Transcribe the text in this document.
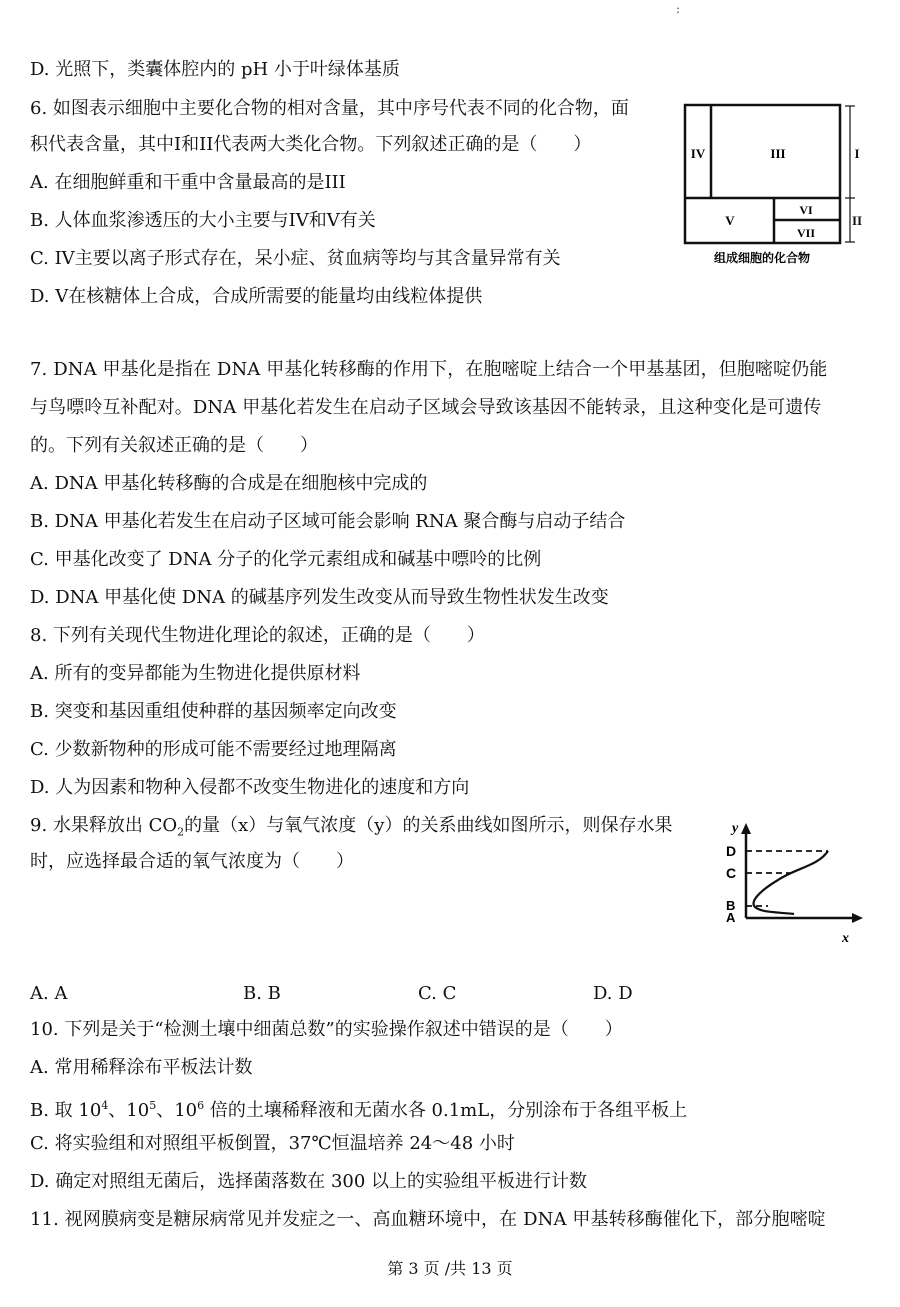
:
D. 光照下，类囊体腔内的 pH 小于叶绿体基质
6. 如图表示细胞中主要化合物的相对含量，其中序号代表不同的化合物，面
积代表含量，其中I和II代表两大类化合物。下列叙述正确的是（　　）
A. 在细胞鲜重和干重中含量最高的是III
B. 人体血浆渗透压的大小主要与IV和V有关
C. IV主要以离子形式存在，呆小症、贫血病等均与其含量异常有关
D. V在核糖体上合成，合成所需要的能量均由线粒体提供
IV	III
V
VI
VII
I
II
组成细胞的化合物
7. DNA 甲基化是指在 DNA 甲基化转移酶的作用下，在胞嘧啶上结合一个甲基基团，但胞嘧啶仍能
与鸟嘌呤互补配对。DNA 甲基化若发生在启动子区域会导致该基因不能转录，且这种变化是可遗传
的。下列有关叙述正确的是（　　）
A. DNA 甲基化转移酶的合成是在细胞核中完成的
B. DNA 甲基化若发生在启动子区域可能会影响 RNA 聚合酶与启动子结合
C. 甲基化改变了 DNA 分子的化学元素组成和碱基中嘌呤的比例
D. DNA 甲基化使 DNA 的碱基序列发生改变从而导致生物性状发生改变
8. 下列有关现代生物进化理论的叙述，正确的是（　　）
A. 所有的变异都能为生物进化提供原材料
B. 突变和基因重组使种群的基因频率定向改变
C. 少数新物种的形成可能不需要经过地理隔离
D. 人为因素和物种入侵都不改变生物进化的速度和方向
9. 水果释放出 $CO_2$的量（x）与氧气浓度（y）的关系曲线如图所示，则保存水果
时，应选择最合适的氧气浓度为（　　）
y
x
D
C
B
A
A. A	B. B	C. C	D. D
10. 下列是关于“检测土壤中细菌总数”的实验操作叙述中错误的是（　　）
A. 常用稀释涂布平板法计数
B. 取 $10^4$、$10^5$、$10^6$ 倍的土壤稀释液和无菌水各 0.1mL，分别涂布于各组平板上
C. 将实验组和对照组平板倒置，37℃恒温培养 24～48 小时
D. 确定对照组无菌后，选择菌落数在 300 以上的实验组平板进行计数
11. 视网膜病变是糖尿病常见并发症之一、高血糖环境中，在 DNA 甲基转移酶催化下，部分胞嘧啶
第 3 页 /共 13 页
